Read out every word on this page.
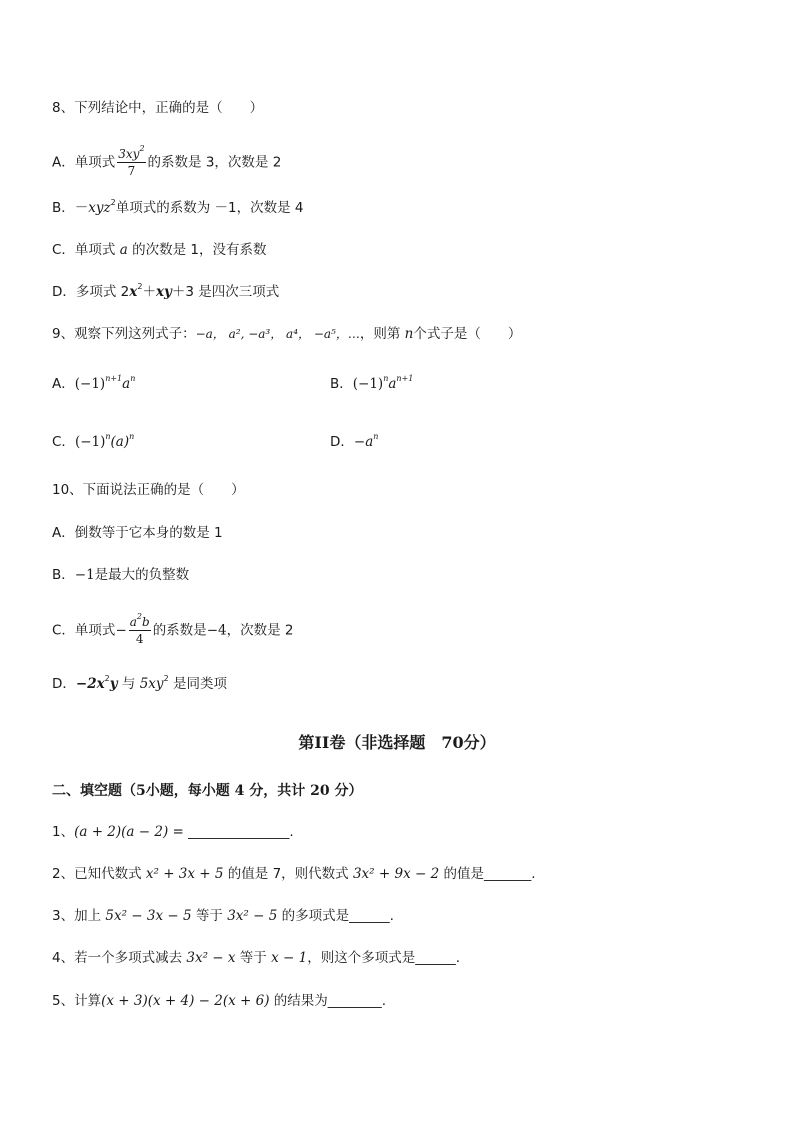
8、下列结论中，正确的是（　　）
A．单项式 $\frac{3xy^2}{7}$ 的系数是 3，次数是 2
B．－xyz$^2$单项式的系数为 －1，次数是 4
C．单项式 a 的次数是 1，没有系数
D．多项式 $2x^2+xy+3$ 是四次三项式
9、观察下列这列式子：−a， a², −a³， a⁴， −a⁵，…，则第 n个式子是（　　）
A．$(-1)^{n+1}a^n$	B．$(-1)^na^{n+1}$
C．$(-1)^n(a)^n$	D．$-a^n$
10、下面说法正确的是（　　）
A．倒数等于它本身的数是 1
B．−1是最大的负整数
C．单项式− $\frac{a^2b}{4}$ 的系数是−4，次数是 2
D．$-2x^2y$ 与 $5xy^2$ 是同类项
第II卷（非选择题　70分）
二、填空题（5小题，每小题 4 分，共计 20 分）
1、(a + 2)(a − 2) = _______________.
2、已知代数式 x² + 3x + 5 的值是 7，则代数式 3x² + 9x − 2 的值是_______.
3、加上 5x² − 3x − 5 等于 3x² − 5 的多项式是______.
4、若一个多项式减去 3x² − x 等于 x − 1，则这个多项式是______.
5、计算(x + 3)(x + 4) − 2(x + 6) 的结果为________.
